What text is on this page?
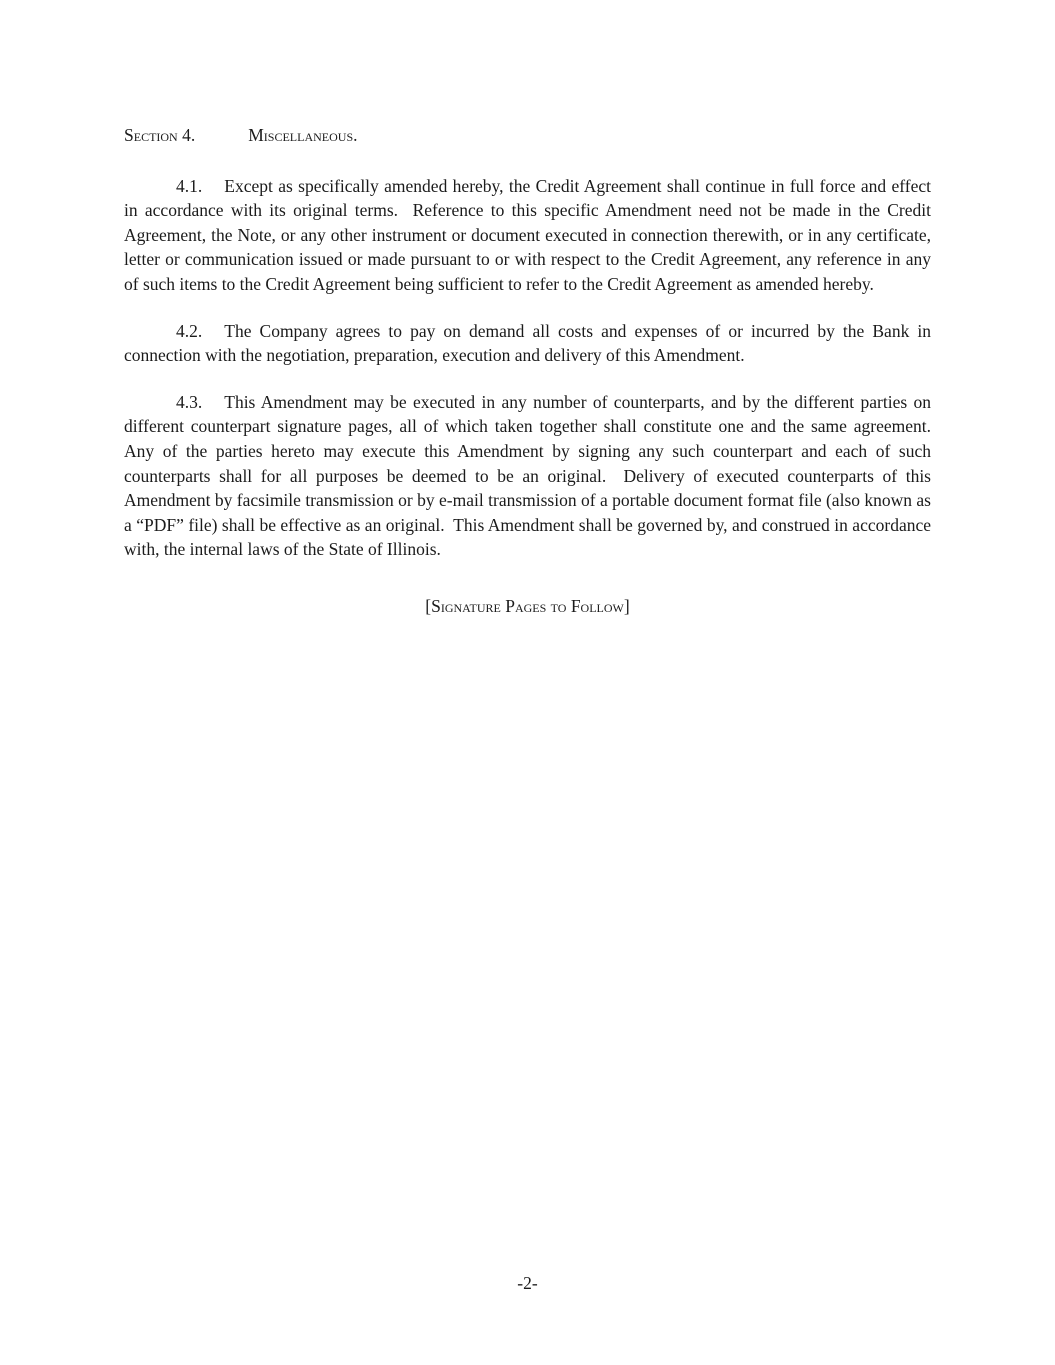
Section 4.	Miscellaneous.

4.1. Except as specifically amended hereby, the Credit Agreement shall continue in full force and effect in accordance with its original terms.  Reference to this specific Amendment need not be made in the Credit Agreement, the Note, or any other instrument or document executed in connection therewith, or in any certificate, letter or communication issued or made pursuant to or with respect to the Credit Agreement, any reference in any of such items to the Credit Agreement being sufficient to refer to the Credit Agreement as amended hereby.

4.2. The Company agrees to pay on demand all costs and expenses of or incurred by the Bank in connection with the negotiation, preparation, execution and delivery of this Amendment.

4.3. This Amendment may be executed in any number of counterparts, and by the different parties on different counterpart signature pages, all of which taken together shall constitute one and the same agreement.  Any of the parties hereto may execute this Amendment by signing any such counterpart and each of such counterparts shall for all purposes be deemed to be an original.  Delivery of executed counterparts of this Amendment by facsimile transmission or by e-mail transmission of a portable document format file (also known as a “PDF” file) shall be effective as an original.  This Amendment shall be governed by, and construed in accordance with, the internal laws of the State of Illinois.

[Signature Pages to Follow]

-2-
